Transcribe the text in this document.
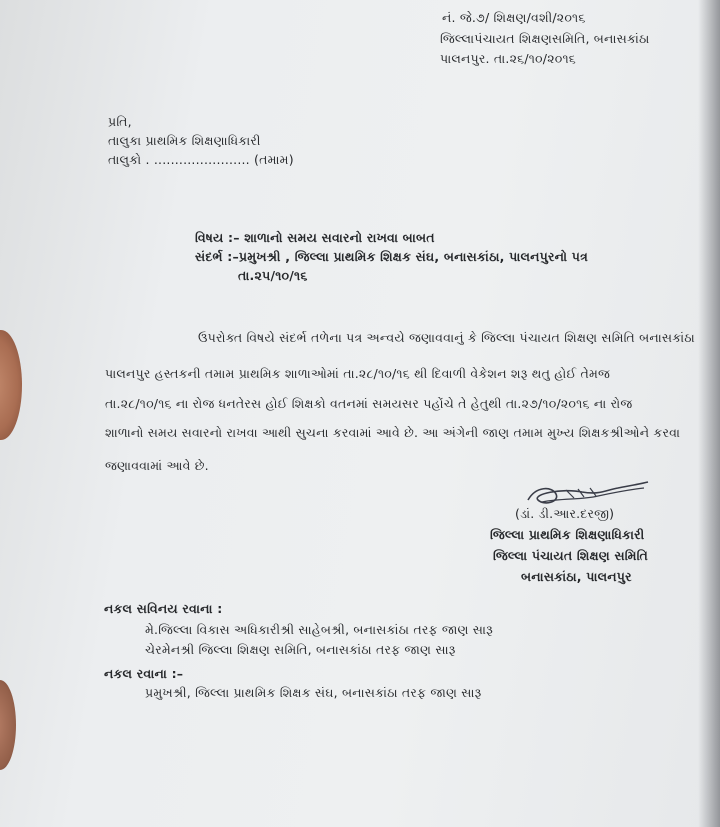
નં. જે.૭/ શિક્ષણ/વશી/૨૦૧૬
જિલ્લાપંચાયત શિક્ષણસમિતિ, બનાસકાંઠા
પાલનપુર. તા.૨૬/૧૦/૨૦૧૬
પ્રતિ,
તાલુકા પ્રાથમિક શિક્ષણાધિકારી
તાલુકો . ....................... (તમામ)
વિષય :– શાળાનો સમય સવારનો રાખવા બાબત
સંદર્ભ :–પ્રમુખશ્રી , જિલ્લા પ્રાથમિક શિક્ષક સંઘ, બનાસકાંઠા, પાલનપુરનો પત્ર
તા.૨૫/૧૦/૧૬
ઉપરોક્ત વિષયે સંદર્ભ તળેના પત્ર અન્વયે જણાવવાનું કે જિલ્લા પંચાયત શિક્ષણ સમિતિ બનાસકાંઠા
પાલનપુર હસ્તકની તમામ પ્રાથમિક શાળાઓમાં તા.૨૮/૧૦/૧૬ થી દિવાળી વેકેશન શરૂ થતુ હોઈ તેમજ
તા.૨૮/૧૦/૧૬ ના રોજ ધનતેરસ હોઈ શિક્ષકો વતનમાં સમયસર પહોંચે તે હેતુથી તા.૨૭/૧૦/૨૦૧૬ ના રોજ
શાળાનો સમય સવારનો રાખવા આથી સુચના કરવામાં આવે છે. આ અંગેની જાણ તમામ મુખ્ય શિક્ષકશ્રીઓને કરવા
જણાવવામાં આવે છે.
(ડાં. ડી.આર.દરજી)
જિલ્લા પ્રાથમિક શિક્ષણાધિકારી
જિલ્લા પંચાયત શિક્ષણ સમિતિ
બનાસકાંઠા, પાલનપુર
નકલ સવિનય રવાના :
મે.જિલ્લા વિકાસ અધિકારીશ્રી સાહેબશ્રી, બનાસકાંઠા તરફ જાણ સારૂ
ચેરમેનશ્રી જિલ્લા શિક્ષણ સમિતિ, બનાસકાંઠા તરફ જાણ સારૂ
નકલ રવાના :–
પ્રમુખશ્રી, જિલ્લા પ્રાથમિક શિક્ષક સંઘ, બનાસકાંઠા તરફ જાણ સારૂ
